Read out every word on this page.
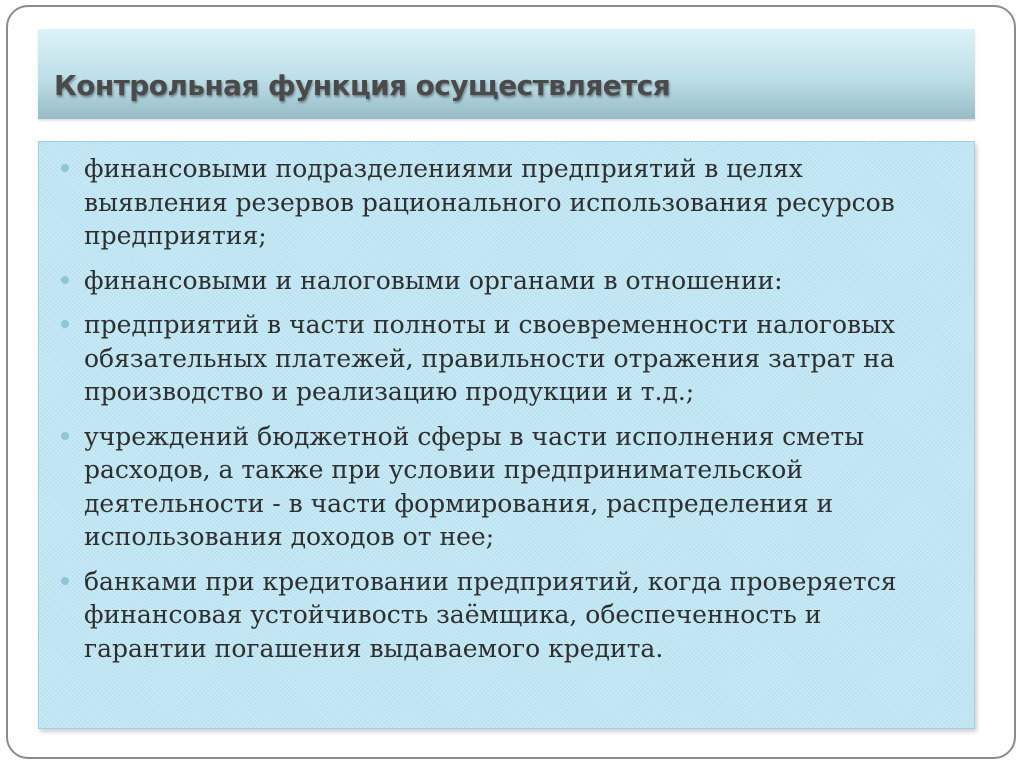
Контрольная функция осуществляется
финансовыми подразделениями предприятий в целях выявления резервов рационального использования ресурсов предприятия;
финансовыми и налоговыми органами в отношении:
предприятий в части полноты и своевременности налоговых обязательных платежей, правильности отражения затрат на производство и реализацию продукции и т.д.;
учреждений бюджетной сферы в части исполнения сметы расходов, а также при условии предпринимательской деятельности - в части формирования, распределения и использования доходов от нее;
банками при кредитовании предприятий, когда проверяется финансовая устойчивость заёмщика, обеспеченность и гарантии погашения выдаваемого кредита.
